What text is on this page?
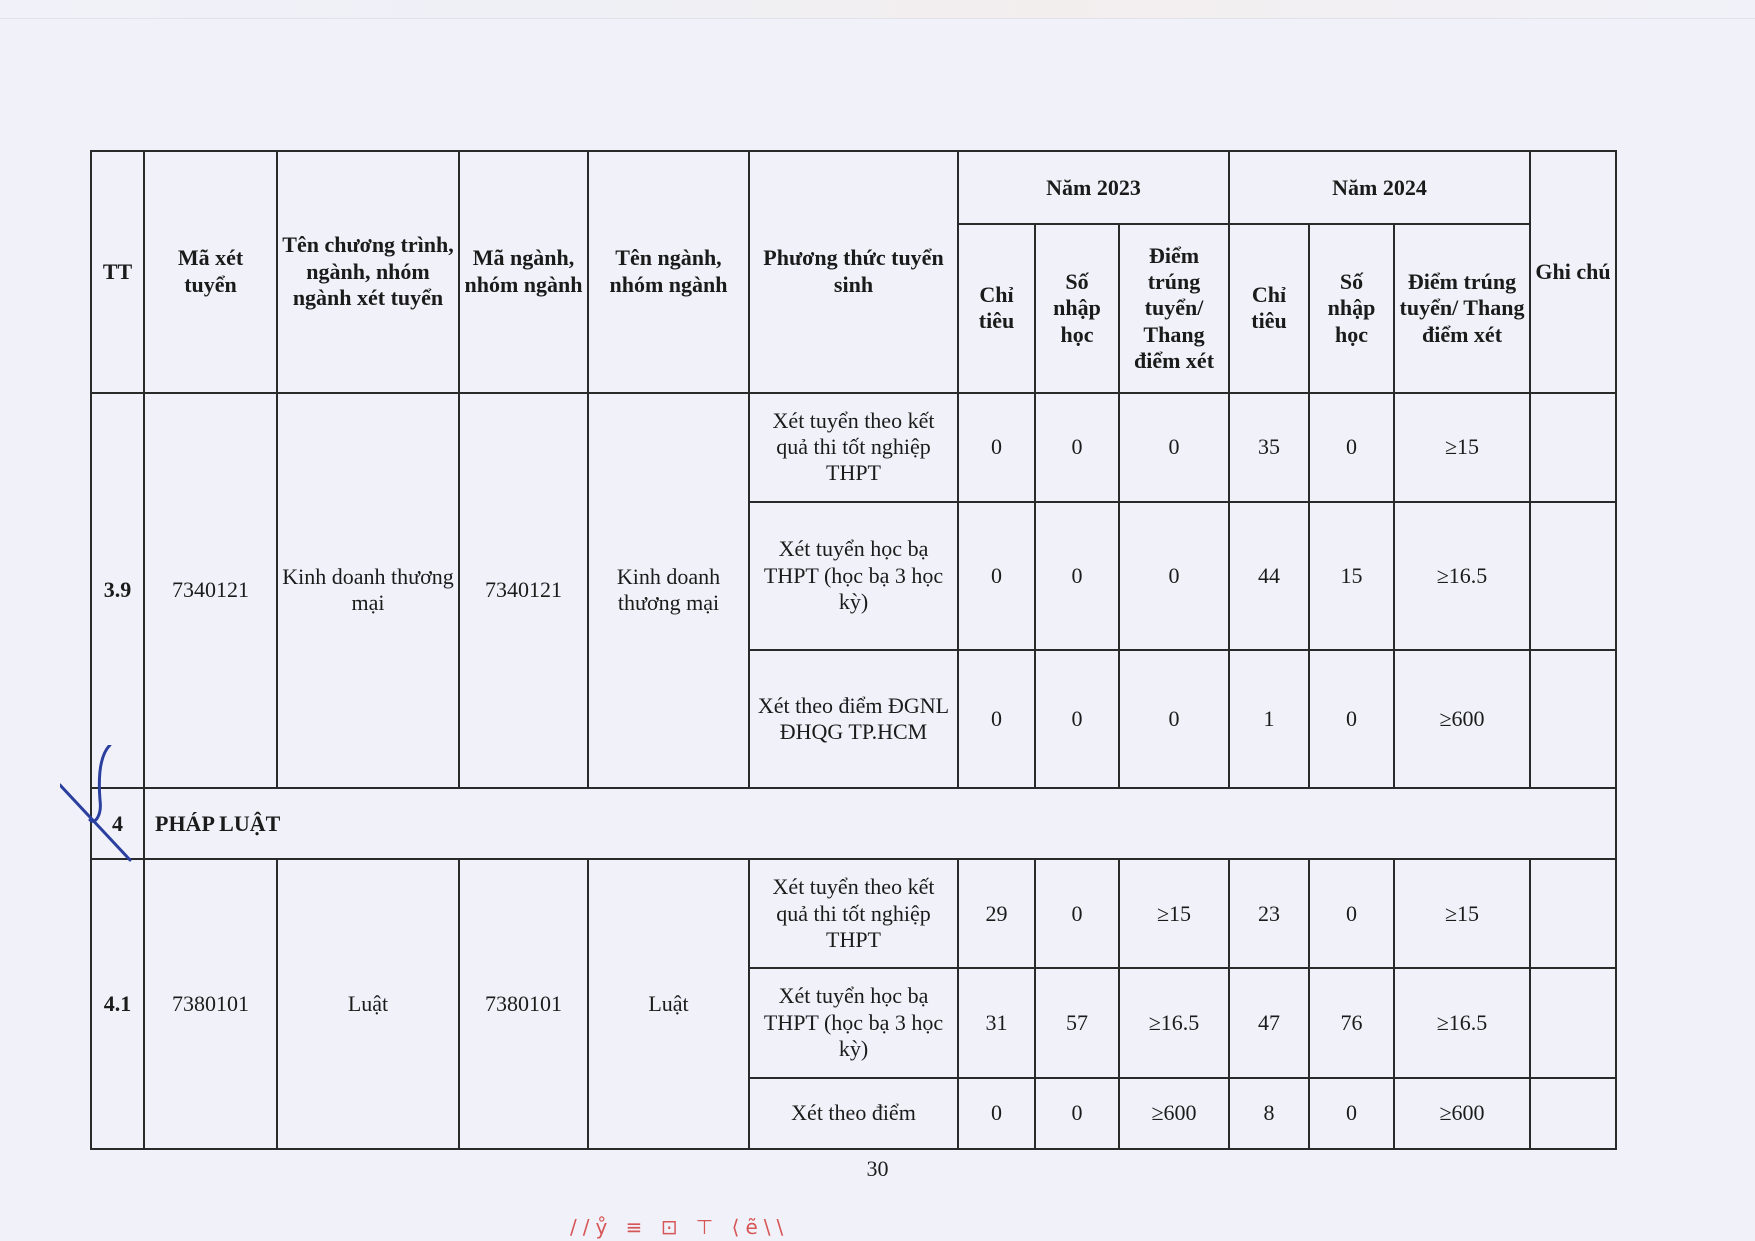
TT	Mã xét tuyển	Tên chương trình, ngành, nhóm ngành xét tuyển	Mã ngành, nhóm ngành	Tên ngành, nhóm ngành	Phương thức tuyển sinh	Năm 2023			Năm 2024			Ghi chú
						Chỉ tiêu	Số nhập học	Điểm trúng tuyển/ Thang điểm xét	Chỉ tiêu	Số nhập học	Điểm trúng tuyển/ Thang điểm xét	
3.9	7340121	Kinh doanh thương mại	7340121	Kinh doanh thương mại	Xét tuyển theo kết quả thi tốt nghiệp THPT	0	0	0	35	0	≥15	
					Xét tuyển học bạ THPT (học bạ 3 học kỳ)	0	0	0	44	15	≥16.5	
					Xét theo điểm ĐGNL ĐHQG TP.HCM	0	0	0	1	0	≥600	
4	PHÁP LUẬT											
4.1	7380101	Luật	7380101	Luật	Xét tuyển theo kết quả thi tốt nghiệp THPT	29	0	≥15	23	0	≥15	
					Xét tuyển học bạ THPT (học bạ 3 học kỳ)	31	57	≥16.5	47	76	≥16.5	
					Xét theo điểm	0	0	≥600	8	0	≥600	
30
//ẙ ≡ ⊡ ⊤ ⟨ẽ\\
